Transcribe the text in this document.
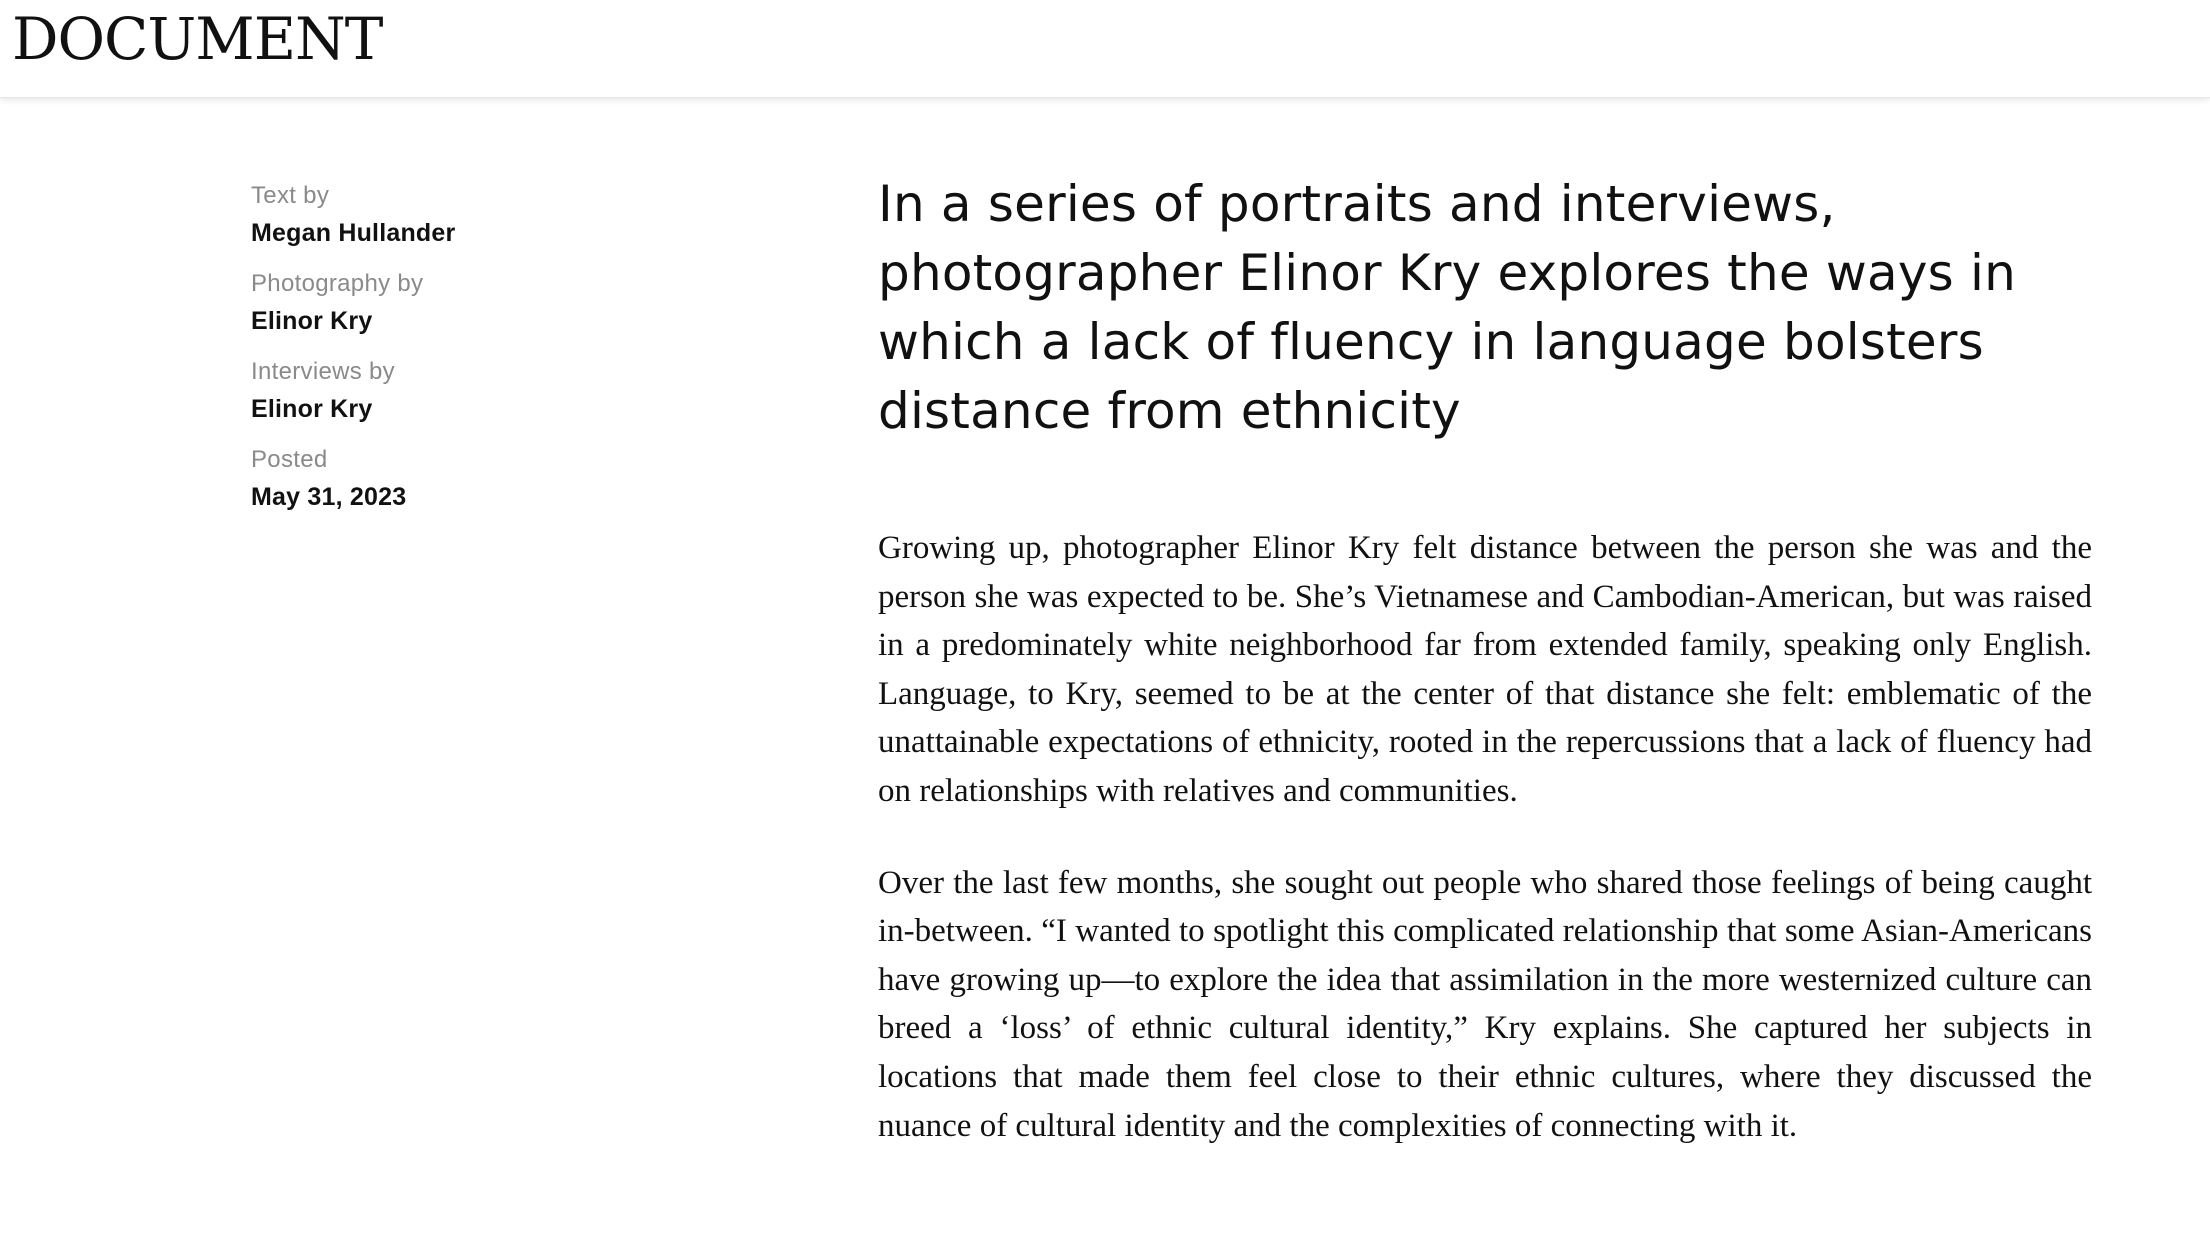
DOCUMENT
Text by
Megan Hullander
Photography by
Elinor Kry
Interviews by
Elinor Kry
Posted
May 31, 2023
In a series of portraits and interviews, photographer Elinor Kry explores the ways in which a lack of fluency in language bolsters distance from ethnicity

Growing up, photographer Elinor Kry felt distance between the person she was and the person she was expected to be. She’s Vietnamese and Cambodian-American, but was raised in a predominately white neighborhood far from extended family, speaking only English. Language, to Kry, seemed to be at the center of that distance she felt: emblematic of the unattainable expectations of ethnicity, rooted in the repercussions that a lack of fluency had on relationships with relatives and communities.

Over the last few months, she sought out people who shared those feelings of being caught in-between. “I wanted to spotlight this complicated relationship that some Asian-Americans have growing up—to explore the idea that assimilation in the more westernized culture can breed a ‘loss’ of ethnic cultural identity,” Kry explains. She captured her subjects in locations that made them feel close to their ethnic cultures, where they discussed the nuance of cultural identity and the complexities of connecting with it.
